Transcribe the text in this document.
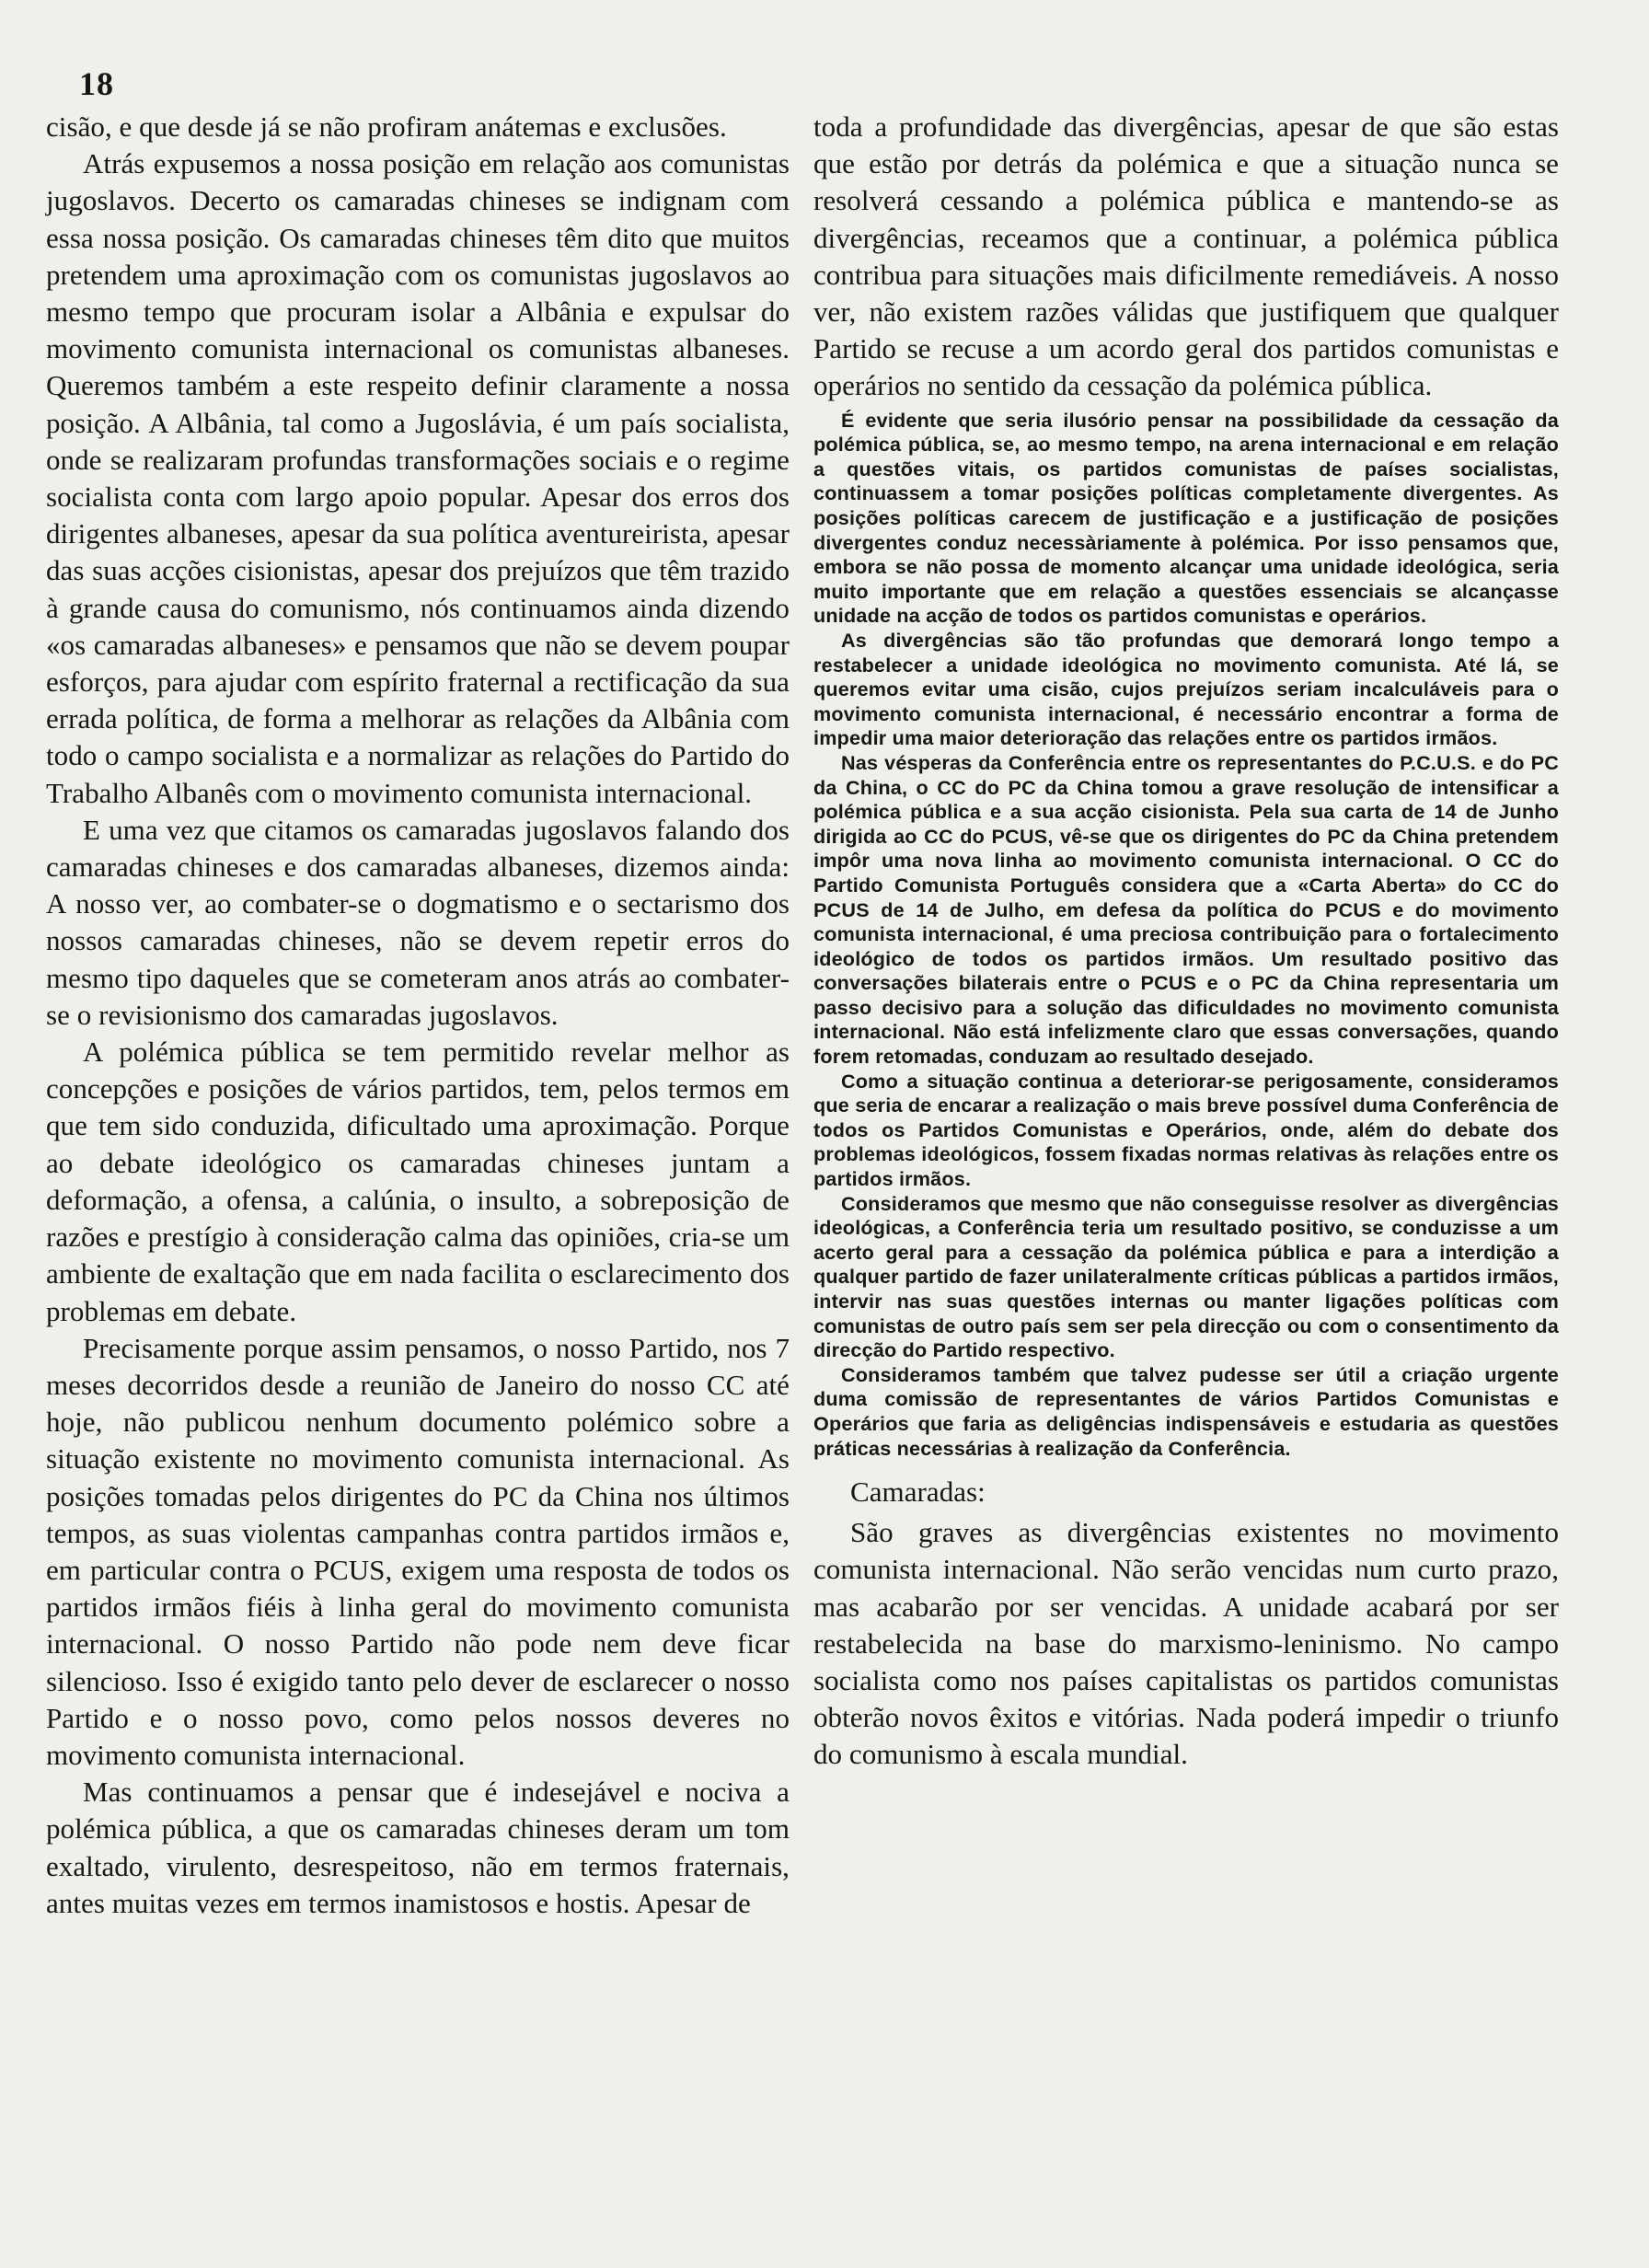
18

cisão, e que desde já se não profiram anátemas e exclusões.

Atrás expusemos a nossa posição em relação aos comunistas jugoslavos. Decerto os camaradas chineses se indignam com essa nossa posição. Os camaradas chineses têm dito que muitos pretendem uma aproximação com os comunistas jugoslavos ao mesmo tempo que procuram isolar a Albânia e expulsar do movimento comunista internacional os comunistas albaneses. Queremos também a este respeito definir claramente a nossa posição. A Albânia, tal como a Jugoslávia, é um país socialista, onde se realizaram profundas transformações sociais e o regime socialista conta com largo apoio popular. Apesar dos erros dos dirigentes albaneses, apesar da sua política aventureirista, apesar das suas acções cisionistas, apesar dos prejuízos que têm trazido à grande causa do comunismo, nós continuamos ainda dizendo «os camaradas albaneses» e pensamos que não se devem poupar esforços, para ajudar com espírito fraternal a rectificação da sua errada política, de forma a melhorar as relações da Albânia com todo o campo socialista e a normalizar as relações do Partido do Trabalho Albanês com o movimento comunista internacional.

E uma vez que citamos os camaradas jugoslavos falando dos camaradas chineses e dos camaradas albaneses, dizemos ainda: A nosso ver, ao combater-se o dogmatismo e o sectarismo dos nossos camaradas chineses, não se devem repetir erros do mesmo tipo daqueles que se cometeram anos atrás ao combater-se o revisionismo dos camaradas jugoslavos.

A polémica pública se tem permitido revelar melhor as concepções e posições de vários partidos, tem, pelos termos em que tem sido conduzida, dificultado uma aproximação. Porque ao debate ideológico os camaradas chineses juntam a deformação, a ofensa, a calúnia, o insulto, a sobreposição de razões e prestígio à consideração calma das opiniões, cria-se um ambiente de exaltação que em nada facilita o esclarecimento dos problemas em debate.

Precisamente porque assim pensamos, o nosso Partido, nos 7 meses decorridos desde a reunião de Janeiro do nosso CC até hoje, não publicou nenhum documento polémico sobre a situação existente no movimento comunista internacional. As posições tomadas pelos dirigentes do PC da China nos últimos tempos, as suas violentas campanhas contra partidos irmãos e, em particular contra o PCUS, exigem uma resposta de todos os partidos irmãos fiéis à linha geral do movimento comunista internacional. O nosso Partido não pode nem deve ficar silencioso. Isso é exigido tanto pelo dever de esclarecer o nosso Partido e o nosso povo, como pelos nossos deveres no movimento comunista internacional.

Mas continuamos a pensar que é indesejável e nociva a polémica pública, a que os camaradas chineses deram um tom exaltado, virulento, desrespeitoso, não em termos fraternais, antes muitas vezes em termos inamistosos e hostis. Apesar de

toda a profundidade das divergências, apesar de que são estas que estão por detrás da polémica e que a situação nunca se resolverá cessando a polémica pública e mantendo-se as divergências, receamos que a continuar, a polémica pública contribua para situações mais dificilmente remediáveis. A nosso ver, não existem razões válidas que justifiquem que qualquer Partido se recuse a um acordo geral dos partidos comunistas e operários no sentido da cessação da polémica pública.

É evidente que seria ilusório pensar na possibilidade da cessação da polémica pública, se, ao mesmo tempo, na arena internacional e em relação a questões vitais, os partidos comunistas de países socialistas, continuassem a tomar posições políticas completamente divergentes. As posições políticas carecem de justificação e a justificação de posições divergentes conduz necessàriamente à polémica. Por isso pensamos que, embora se não possa de momento alcançar uma unidade ideológica, seria muito importante que em relação a questões essenciais se alcançasse unidade na acção de todos os partidos comunistas e operários.

As divergências são tão profundas que demorará longo tempo a restabelecer a unidade ideológica no movimento comunista. Até lá, se queremos evitar uma cisão, cujos prejuízos seriam incalculáveis para o movimento comunista internacional, é necessário encontrar a forma de impedir uma maior deterioração das relações entre os partidos irmãos.

Nas vésperas da Conferência entre os representantes do P.C.U.S. e do PC da China, o CC do PC da China tomou a grave resolução de intensificar a polémica pública e a sua acção cisionista. Pela sua carta de 14 de Junho dirigida ao CC do PCUS, vê-se que os dirigentes do PC da China pretendem impôr uma nova linha ao movimento comunista internacional. O CC do Partido Comunista Português considera que a «Carta Aberta» do CC do PCUS de 14 de Julho, em defesa da política do PCUS e do movimento comunista internacional, é uma preciosa contribuição para o fortalecimento ideológico de todos os partidos irmãos. Um resultado positivo das conversações bilaterais entre o PCUS e o PC da China representaria um passo decisivo para a solução das dificuldades no movimento comunista internacional. Não está infelizmente claro que essas conversações, quando forem retomadas, conduzam ao resultado desejado.

Como a situação continua a deteriorar-se perigosamente, consideramos que seria de encarar a realização o mais breve possível duma Conferência de todos os Partidos Comunistas e Operários, onde, além do debate dos problemas ideológicos, fossem fixadas normas relativas às relações entre os partidos irmãos.

Consideramos que mesmo que não conseguisse resolver as divergências ideológicas, a Conferência teria um resultado positivo, se conduzisse a um acerto geral para a cessação da polémica pública e para a interdição a qualquer partido de fazer unilateralmente críticas públicas a partidos irmãos, intervir nas suas questões internas ou manter ligações políticas com comunistas de outro país sem ser pela direcção ou com o consentimento da direcção do Partido respectivo.

Consideramos também que talvez pudesse ser útil a criação urgente duma comissão de representantes de vários Partidos Comunistas e Operários que faria as deligências indispensáveis e estudaria as questões práticas necessárias à realização da Conferência.

Camaradas:

São graves as divergências existentes no movimento comunista internacional. Não serão vencidas num curto prazo, mas acabarão por ser vencidas. A unidade acabará por ser restabelecida na base do marxismo-leninismo. No campo socialista como nos países capitalistas os partidos comunistas obterão novos êxitos e vitórias. Nada poderá impedir o triunfo do comunismo à escala mundial.
